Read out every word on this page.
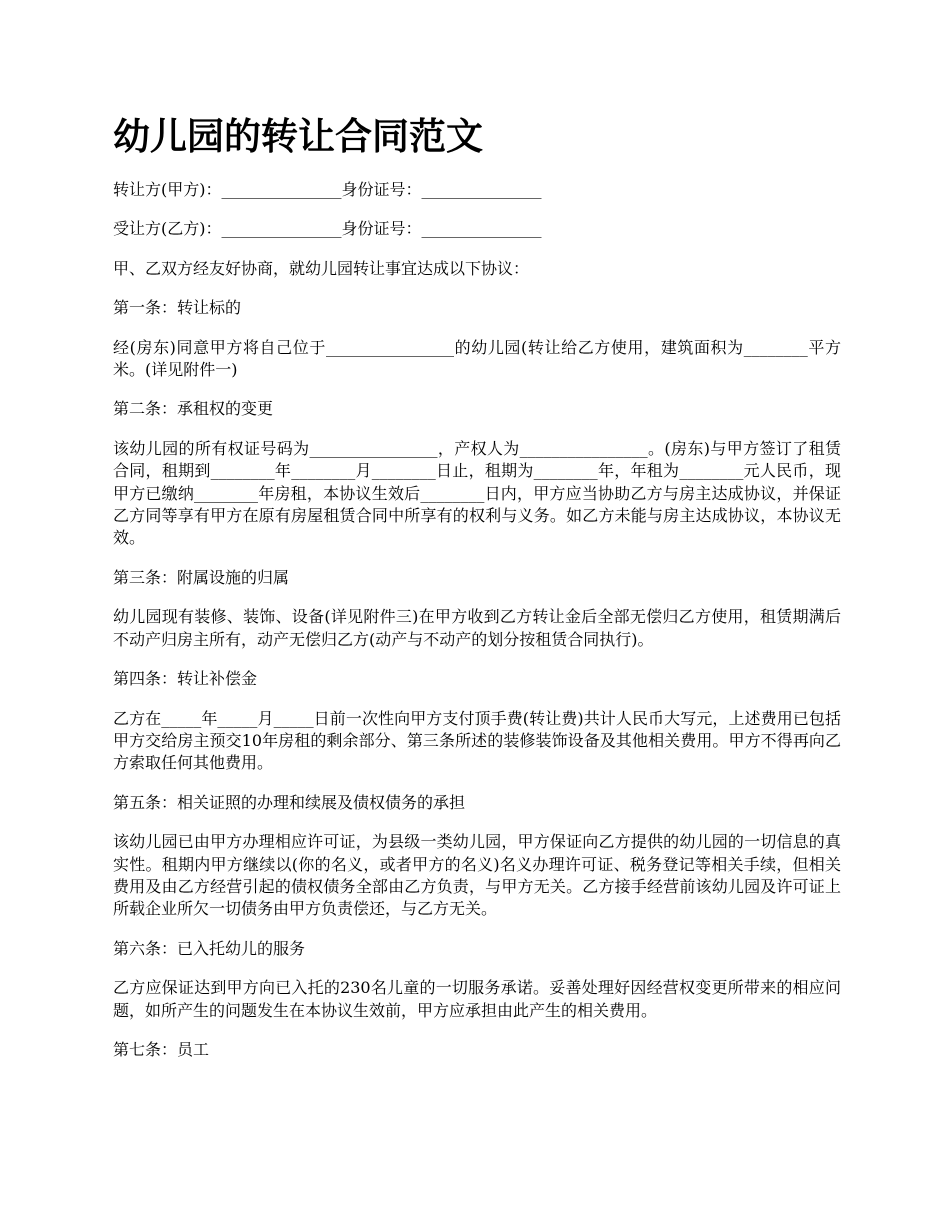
幼儿园的转让合同范文

转让方(甲方)：_______________身份证号：_______________

受让方(乙方)：_______________身份证号：_______________

甲、乙双方经友好协商，就幼儿园转让事宜达成以下协议：

第一条：转让标的

经(房东)同意甲方将自己位于________________的幼儿园(转让给乙方使用，建筑面积为________平方米。(详见附件一)

第二条：承租权的变更

该幼儿园的所有权证号码为________________，产权人为________________。(房东)与甲方签订了租赁合同，租期到________年________月________日止，租期为________年，年租为________元人民币，现甲方已缴纳________年房租，本协议生效后________日内，甲方应当协助乙方与房主达成协议，并保证乙方同等享有甲方在原有房屋租赁合同中所享有的权利与义务。如乙方未能与房主达成协议，本协议无效。

第三条：附属设施的归属

幼儿园现有装修、装饰、设备(详见附件三)在甲方收到乙方转让金后全部无偿归乙方使用，租赁期满后不动产归房主所有，动产无偿归乙方(动产与不动产的划分按租赁合同执行)。

第四条：转让补偿金

乙方在_____年_____月_____日前一次性向甲方支付顶手费(转让费)共计人民币大写元，上述费用已包括甲方交给房主预交10年房租的剩余部分、第三条所述的装修装饰设备及其他相关费用。甲方不得再向乙方索取任何其他费用。

第五条：相关证照的办理和续展及债权债务的承担

该幼儿园已由甲方办理相应许可证，为县级一类幼儿园，甲方保证向乙方提供的幼儿园的一切信息的真实性。租期内甲方继续以(你的名义，或者甲方的名义)名义办理许可证、税务登记等相关手续，但相关费用及由乙方经营引起的债权债务全部由乙方负责，与甲方无关。乙方接手经营前该幼儿园及许可证上所载企业所欠一切债务由甲方负责偿还，与乙方无关。

第六条：已入托幼儿的服务

乙方应保证达到甲方向已入托的230名儿童的一切服务承诺。妥善处理好因经营权变更所带来的相应问题，如所产生的问题发生在本协议生效前，甲方应承担由此产生的相关费用。

第七条：员工
